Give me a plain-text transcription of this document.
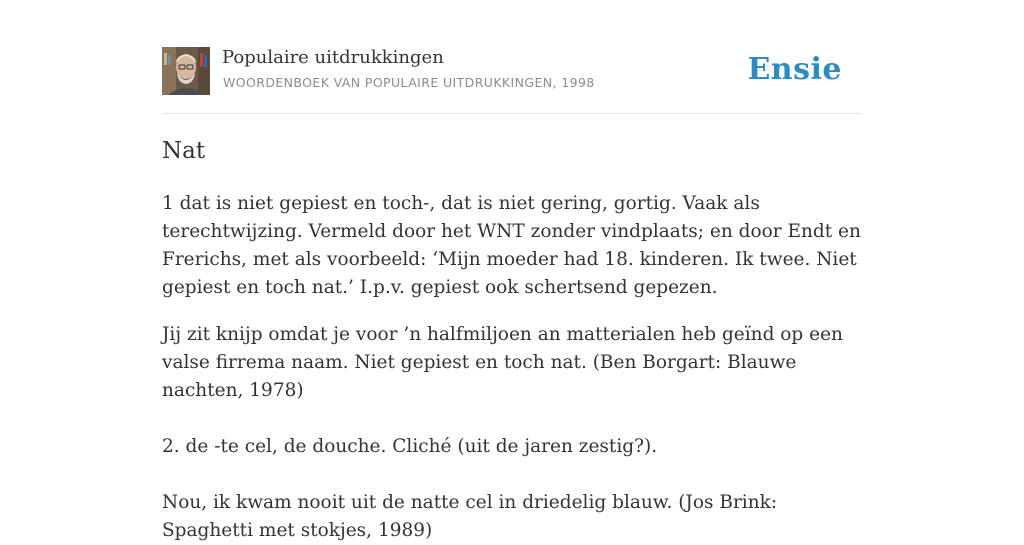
Populaire uitdrukkingen
WOORDENBOEK VAN POPULAIRE UITDRUKKINGEN, 1998	Ensie
Nat

1 dat is niet gepiest en toch-, dat is niet gering, gortig. Vaak als terechtwijzing. Vermeld door het WNT zonder vindplaats; en door Endt en Frerichs, met als voorbeeld: ‘Mijn moeder had 18. kinderen. Ik twee. Niet gepiest en toch nat.’ I.p.v. gepiest ook schertsend gepezen.

Jij zit knijp omdat je voor ’n halfmiljoen an matterialen heb geïnd op een valse firrema naam. Niet gepiest en toch nat. (Ben Borgart: Blauwe nachten, 1978)

2. de -te cel, de douche. Cliché (uit de jaren zestig?).

Nou, ik kwam nooit uit de natte cel in driedelig blauw. (Jos Brink: Spaghetti met stokjes, 1989)
